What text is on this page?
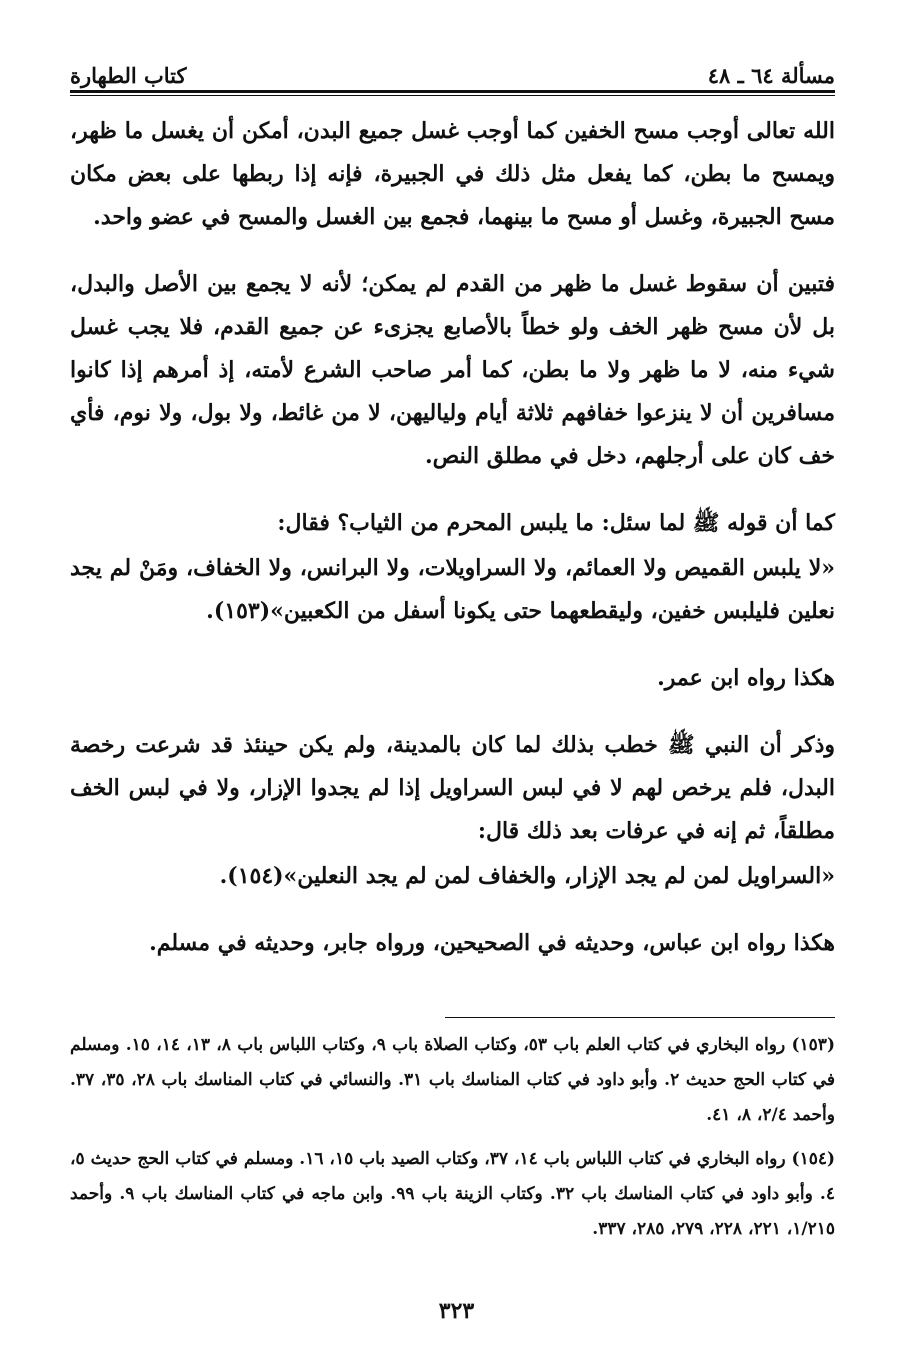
مسألة ٦٤ ـ ٤٨
كتاب الطهارة

الله تعالى أوجب مسح الخفين كما أوجب غسل جميع البدن، أمكن أن يغسل ما ظهر، ويمسح ما بطن، كما يفعل مثل ذلك في الجبيرة، فإنه إذا ربطها على بعض مكان مسح الجبيرة، وغسل أو مسح ما بينهما، فجمع بين الغسل والمسح في عضو واحد.

فتبين أن سقوط غسل ما ظهر من القدم لم يمكن؛ لأنه لا يجمع بين الأصل والبدل، بل لأن مسح ظهر الخف ولو خطاً بالأصابع يجزىء عن جميع القدم، فلا يجب غسل شيء منه، لا ما ظهر ولا ما بطن، كما أمر صاحب الشرع لأمته، إذ أمرهم إذا كانوا مسافرين أن لا ينزعوا خفافهم ثلاثة أيام ولياليهن، لا من غائط، ولا بول، ولا نوم، فأي خف كان على أرجلهم، دخل في مطلق النص.

كما أن قوله ﷺ لما سئل: ما يلبس المحرم من الثياب؟ فقال:

«لا يلبس القميص ولا العمائم، ولا السراويلات، ولا البرانس، ولا الخفاف، ومَنْ لم يجد نعلين فليلبس خفين، وليقطعهما حتى يكونا أسفل من الكعبين»(١٥٣).

هكذا رواه ابن عمر.

وذكر أن النبي ﷺ خطب بذلك لما كان بالمدينة، ولم يكن حينئذ قد شرعت رخصة البدل، فلم يرخص لهم لا في لبس السراويل إذا لم يجدوا الإزار، ولا في لبس الخف مطلقاً، ثم إنه في عرفات بعد ذلك قال:

«السراويل لمن لم يجد الإزار، والخفاف لمن لم يجد النعلين»(١٥٤).

هكذا رواه ابن عباس، وحديثه في الصحيحين، ورواه جابر، وحديثه في مسلم.

(١٥٣) رواه البخاري في كتاب العلم باب ٥٣، وكتاب الصلاة باب ٩، وكتاب اللباس باب ٨، ١٣، ١٤، ١٥. ومسلم في كتاب الحج حديث ٢. وأبو داود في كتاب المناسك باب ٣١. والنسائي في كتاب المناسك باب ٢٨، ٣٥، ٣٧. وأحمد ٢/٤، ٨، ٤١.

(١٥٤) رواه البخاري في كتاب اللباس باب ١٤، ٣٧، وكتاب الصيد باب ١٥، ١٦. ومسلم في كتاب الحج حديث ٥، ٤. وأبو داود في كتاب المناسك باب ٣٢. وكتاب الزينة باب ٩٩. وابن ماجه في كتاب المناسك باب ٩. وأحمد ١/٢١٥، ٢٢١، ٢٢٨، ٢٧٩، ٢٨٥، ٣٣٧.

٣٢٣
